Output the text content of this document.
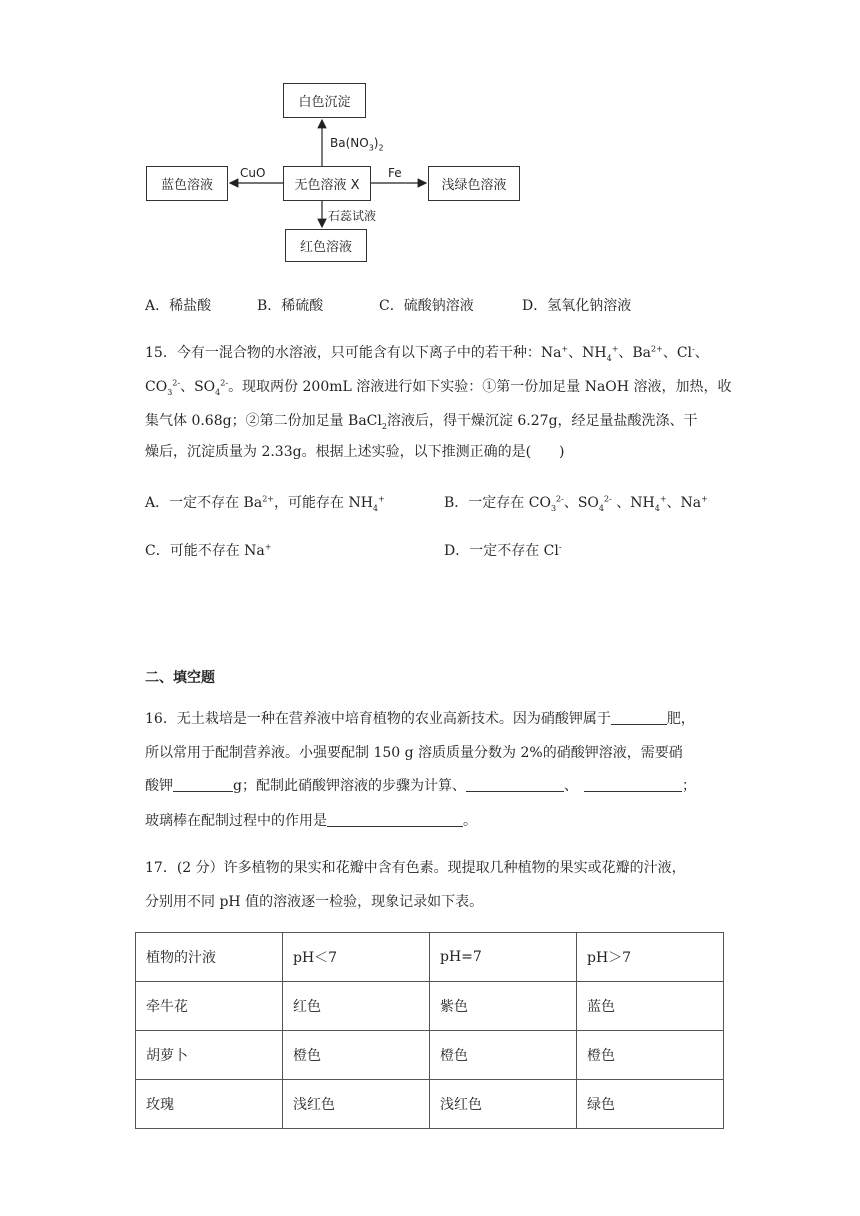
白色沉淀
蓝色溶液	无色溶液 X	浅绿色溶液
红色溶液
$Ba(NO_3)_2$
CuO	Fe
石蕊试液
A．稀盐酸	B．稀硫酸	C．硫酸钠溶液	D．氢氧化钠溶液
15．今有一混合物的水溶液，只可能含有以下离子中的若干种：Na+、$NH_4^+$、$Ba^{2+}$、Cl-、
$CO_3^{2-}$、$SO_4^{2-}$。现取两份 200mL 溶液进行如下实验：①第一份加足量 NaOH 溶液，加热，收
集气体 0.68g；②第二份加足量 BaCl$_2$溶液后，得干燥沉淀 6.27g，经足量盐酸洗涤、干
燥后，沉淀质量为 2.33g。根据上述实验，以下推测正确的是(　　)
A．一定不存在 $Ba^{2+}$，可能存在 $NH_4^+$	B．一定存在 $CO_3^{2-}$、$SO_4^{2-}$ 、$NH_4^+$、Na+
C．可能不存在 Na+	D．一定不存在 Cl-
二、填空题
16．无土栽培是一种在营养液中培育植物的农业高新技术。因为硝酸钾属于	肥，
所以常用于配制营养液。小强要配制 150 g 溶质质量分数为 2%的硝酸钾溶液，需要硝
酸钾	g；配制此硝酸钾溶液的步骤为计算、	、	；
玻璃棒在配制过程中的作用是	。
17．(2 分）许多植物的果实和花瓣中含有色素。现提取几种植物的果实或花瓣的汁液，
分别用不同 pH 值的溶液逐一检验，现象记录如下表。
植物的汁液	pH＜7	pH=7	pH＞7
牵牛花	红色	紫色	蓝色
胡萝卜	橙色	橙色	橙色
玫瑰	浅红色	浅红色	绿色
